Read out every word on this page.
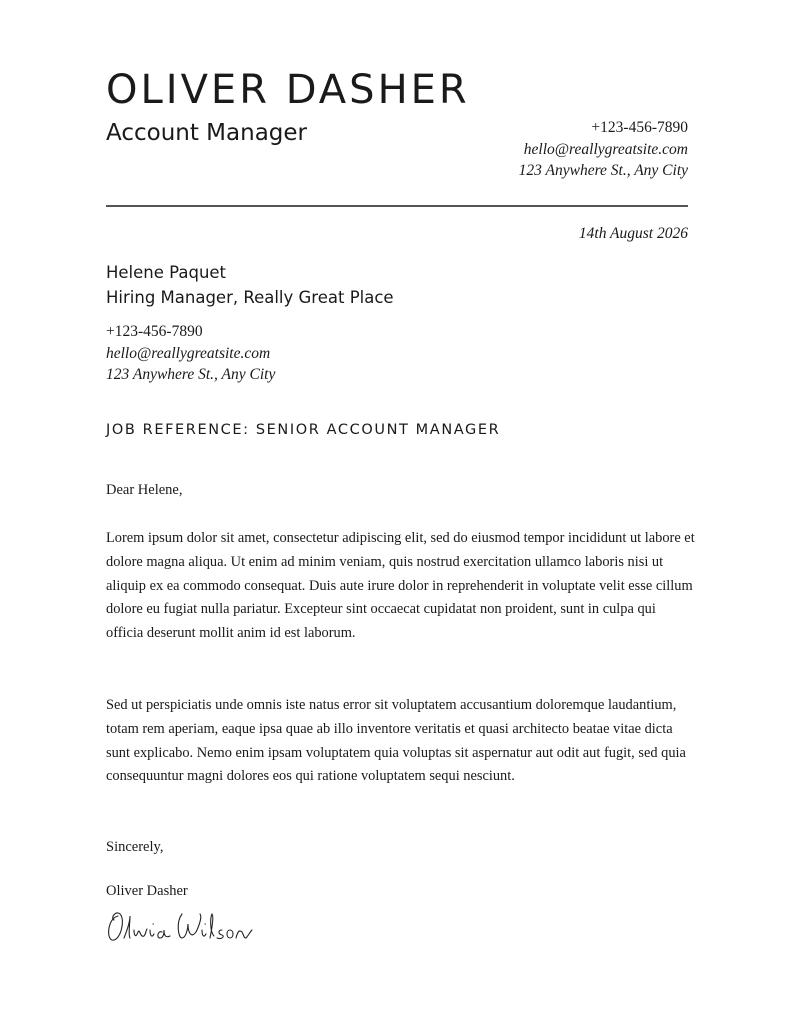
OLIVER DASHER
Account Manager	+123-456-7890
hello@reallygreatsite.com
123 Anywhere St., Any City
14th August 2026
Helene Paquet
Hiring Manager, Really Great Place
+123-456-7890
hello@reallygreatsite.com
123 Anywhere St., Any City
JOB REFERENCE: SENIOR ACCOUNT MANAGER
Dear Helene,

Lorem ipsum dolor sit amet, consectetur adipiscing elit, sed do eiusmod tempor incididunt ut labore et dolore magna aliqua. Ut enim ad minim veniam, quis nostrud exercitation ullamco laboris nisi ut aliquip ex ea commodo consequat. Duis aute irure dolor in reprehenderit in voluptate velit esse cillum dolore eu fugiat nulla pariatur. Excepteur sint occaecat cupidatat non proident, sunt in culpa qui officia deserunt mollit anim id est laborum.

Sed ut perspiciatis unde omnis iste natus error sit voluptatem accusantium doloremque laudantium, totam rem aperiam, eaque ipsa quae ab illo inventore veritatis et quasi architecto beatae vitae dicta sunt explicabo. Nemo enim ipsam voluptatem quia voluptas sit aspernatur aut odit aut fugit, sed quia consequuntur magni dolores eos qui ratione voluptatem sequi nesciunt.

Sincerely,
Oliver Dasher
